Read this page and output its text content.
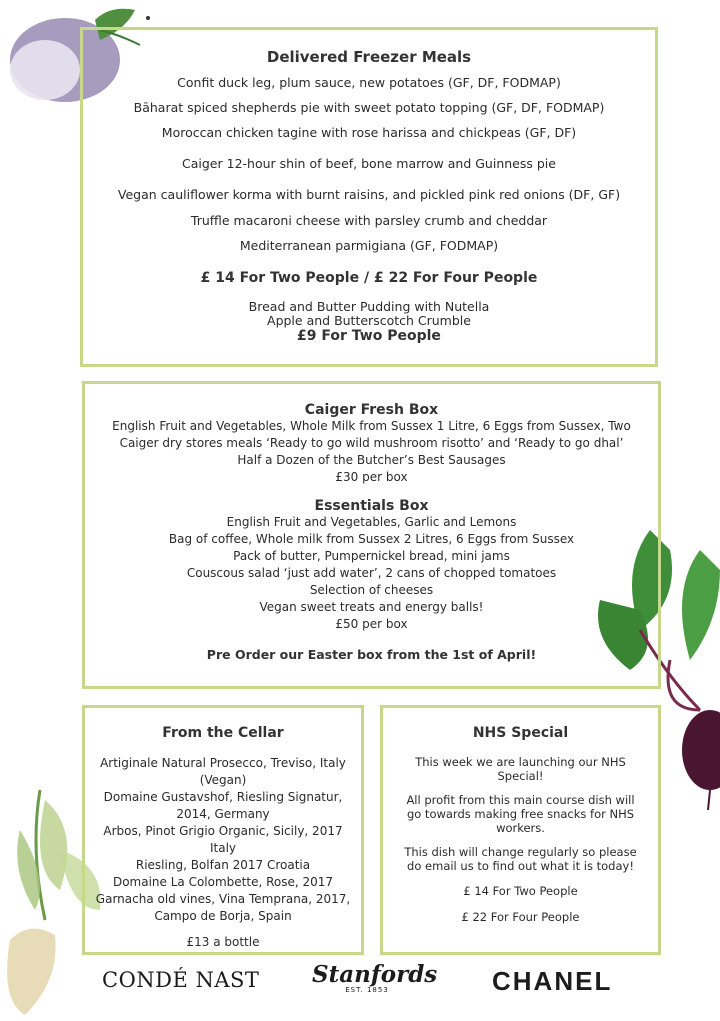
Delivered Freezer Meals
Confit duck leg, plum sauce, new potatoes (GF, DF, FODMAP)
Bāharat spiced shepherds pie with sweet potato topping (GF, DF, FODMAP)
Moroccan chicken tagine with rose harissa and chickpeas (GF, DF)
Caiger 12-hour shin of beef, bone marrow and Guinness pie
Vegan cauliflower korma with burnt raisins, and pickled pink red onions (DF, GF)
Truffle macaroni cheese with parsley crumb and cheddar
Mediterranean parmigiana (GF, FODMAP)
£ 14 For Two People / £ 22 For Four People
Bread and Butter Pudding with Nutella
Apple and Butterscotch Crumble
£9 For Two People
Caiger Fresh Box
English Fruit and Vegetables, Whole Milk from Sussex 1 Litre, 6 Eggs from Sussex, Two
Caiger dry stores meals ‘Ready to go wild mushroom risotto’ and ‘Ready to go dhal’
Half a Dozen of the Butcher’s Best Sausages
£30 per box
Essentials Box
English Fruit and Vegetables, Garlic and Lemons
Bag of coffee, Whole milk from Sussex 2 Litres, 6 Eggs from Sussex
Pack of butter, Pumpernickel bread, mini jams
Couscous salad ‘just add water’, 2 cans of chopped tomatoes
Selection of cheeses
Vegan sweet treats and energy balls!
£50 per box
Pre Order our Easter box from the 1st of April!
From the Cellar
Artiginale Natural Prosecco, Treviso, Italy
(Vegan)
Domaine Gustavshof, Riesling Signatur,
2014, Germany
Arbos, Pinot Grigio Organic, Sicily, 2017
Italy
Riesling, Bolfan 2017 Croatia
Domaine La Colombette, Rose, 2017
Garnacha old vines, Vina Temprana, 2017,
Campo de Borja, Spain
£13 a bottle
NHS Special
This week we are launching our NHS
Special!
All profit from this main course dish will
go towards making free snacks for NHS
workers.
This dish will change regularly so please
do email us to find out what it is today!
£ 14 For Two People
£ 22 For Four People
CONDÉ NAST Stanfords
EST. 1853	CHANEL
